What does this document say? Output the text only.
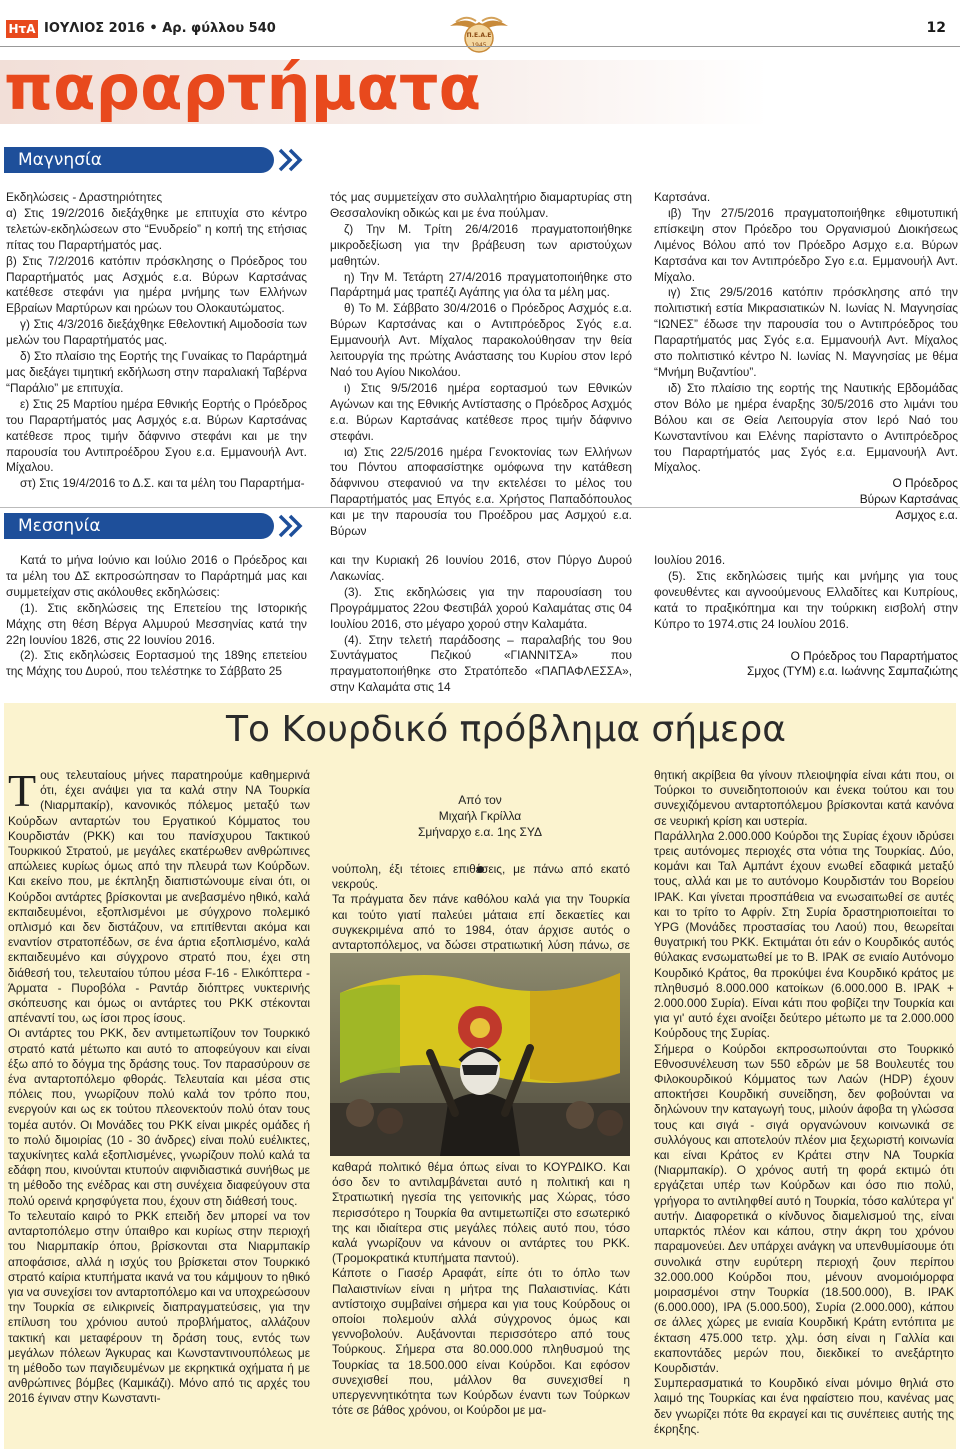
ΗτΑ ΙΟΥΛΙΟΣ 2016 • Αρ. φύλλου 540	Π.Ε.Α.Ε	12
παραρτήματα
Μαγνησία

Εκδηλώσεις - Δραστηριότητες

α) Στις 19/2/2016 διεξάχθηκε με επιτυχία στο κέντρο τελετών-εκδηλώσεων στο “Ενυδρείο” η κοπή της ετήσιας πίτας του Παραρτήματός μας.

β) Στις 7/2/2016 κατόπιν πρόσκλησης ο Πρόεδρος του Παραρτήματός μας Ασχμός ε.α. Βύρων Καρτσάνας κατέθεσε στεφάνι για ημέρα μνήμης των Ελλήνων Εβραίων Μαρτύρων και ηρώων του Ολοκαυτώματος.

γ) Στις 4/3/2016 διεξάχθηκε Εθελοντική Αιμοδοσία των μελών του Παραρτήματός μας.

δ) Στο πλαίσιο της Εορτής της Γυναίκας το Παράρτημά μας διεξάγει τιμητική εκδήλωση στην παραλιακή Ταβέρνα “Παράλιο” με επιτυχία.

ε) Στις 25 Μαρτίου ημέρα Εθνικής Εορτής ο Πρόεδρος του Παραρτήματός μας Ασμχός ε.α. Βύρων Καρτσάνας κατέθεσε προς τιμήν δάφνινο στεφάνι και με την παρουσία του Αντιπροέδρου Σγου ε.α. Εμμανουήλ Αντ. Μίχαλου.

στ) Στις 19/4/2016 το Δ.Σ. και τα μέλη του Παραρτήμα-

τός μας συμμετείχαν στο συλλαλητήριο διαμαρτυρίας στη Θεσσαλονίκη οδικώς και με ένα πούλμαν.

ζ) Την Μ. Τρίτη 26/4/2016 πραγματοποιήθηκε μικροδεξίωση για την βράβευση των αριστούχων μαθητών.

η) Την Μ. Τετάρτη 27/4/2016 πραγματοποιήθηκε στο Παράρτημά μας τραπέζι Αγάπης για όλα τα μέλη μας.

θ) Το Μ. Σάββατο 30/4/2016 ο Πρόεδρος Ασχμός ε.α. Βύρων Καρτσάνας και ο Αντιπρόεδρος Σγός ε.α. Εμμανουήλ Αντ. Μίχαλος παρακολούθησαν την θεία λειτουργία της πρώτης Ανάστασης του Κυρίου στον Ιερό Ναό του Αγίου Νικολάου.

ι) Στις 9/5/2016 ημέρα εορτασμού των Εθνικών Αγώνων και της Εθνικής Αντίστασης ο Πρόεδρος Ασχμός ε.α. Βύρων Καρτσάνας κατέθεσε προς τιμήν δάφνινο στεφάνι.

ια) Στις 22/5/2016 ημέρα Γενοκτονίας των Ελλήνων του Πόντου απoφασίστηκε ομόφωνα την κατάθεση δάφνινου στεφανιού να την εκτελέσει το μέλος του Παραρτήματός μας Επγός ε.α. Χρήστος Παπαδόπουλος και με την παρουσία του Προέδρου μας Ασμχού ε.α. Βύρων

Καρτσάνα.

ιβ) Την 27/5/2016 πραγματοποιήθηκε εθιμοτυπική επίσκεψη στον Πρόεδρο του Οργανισμού Διοικήσεως Λιμένος Βόλου από τον Πρόεδρο Ασμχο ε.α. Βύρων Καρτσάνα και τον Αντιπρόεδρο Σγο ε.α. Εμμανουήλ Αντ. Μίχαλο.

ιγ) Στις 29/5/2016 κατόπιν πρόσκλησης από την πολιτιστική εστία Μικρασιατικών Ν. Ιωνίας Ν. Μαγνησίας “ΙΩΝΕΣ” έδωσε την παρουσία του ο Αντιπρόεδρος του Παραρτήματός μας Σγός ε.α. Εμμανουήλ Αντ. Μίχαλος στο πολιτιστικό κέντρο Ν. Ιωνίας Ν. Μαγνησίας με θέμα “Μνήμη Βυζαντίου”.

ιδ) Στο πλαίσιο της εορτής της Ναυτικής Εβδομάδας στον Βόλο με ημέρα έναρξης 30/5/2016 στο λιμάνι του Βόλου και σε Θεία Λειτουργία στον Ιερό Ναό του Κωνσταντίνου και Ελένης παρίσταντο ο Αντιπρόεδρος του Παραρτήματός μας Σγός ε.α. Εμμανουήλ Αντ. Μίχαλος.

Ο Πρόεδρος

Βύρων Καρτσάνας

Ασμχος ε.α.

Μεσσηνία

Κατά το μήνα Ιούνιο και Ιούλιο 2016 ο Πρόεδρος και τα μέλη του ΔΣ εκπροσώπησαν το Παράρτημά μας και συμμετείχαν στις ακόλουθες εκδηλώσεις:

(1). Στις εκδηλώσεις της Επετείου της Ιστορικής Μάχης στη θέση Βέργα Αλμυρού Μεσσηνίας κατά την 22η Ιουνίου 1826, στις 22 Ιουνίου 2016.

(2). Στις εκδηλώσεις Εορτασμού της 189ης επετείου της Μάχης του Δυρού, που τελέστηκε το Σάββατο 25

και την Κυριακή 26 Ιουνίου 2016, στον Πύργο Δυρού Λακωνίας.

(3). Στις εκδηλώσεις για την παρουσίαση του Προγράμματος 22ου Φεστιβάλ χορού Καλαμάτας στις 04 Ιουλίου 2016, στο μέγαρο χορού στην Καλαμάτα.

(4). Στην τελετή παράδοσης – παραλαβής του 9ου Συντάγματος Πεζικού «ΓΙΑΝΝΙΤΣΑ» που πραγματοποιήθηκε στο Στρατόπεδο «ΠΑΠΑΦΛΕΣΣΑ», στην Καλαμάτα στις 14

Ιουλίου 2016.

(5). Στις εκδηλώσεις τιμής και μνήμης για τους φονευθέντες και αγνοούμενους Ελλαδίτες και Κυπρίους, κατά το πραξικόπημα και την τούρκικη εισβολή στην Κύπρο το 1974.στις 24 Ιουλίου 2016.

Ο Πρόεδρος του Παραρτήματος

Σμχος (ΤΥΜ) ε.α. Ιωάννης Σαμπαζιώτης

Το Κουρδικό πρόβλημα σήμερα

Τους τελευταίους μήνες παρατηρούμε καθημερινά ότι, έχει ανάψει για τα καλά στην ΝΑ Τουρκία (Νιαρμπακίρ), κανονικός πόλεμος μεταξύ των Κούρδων ανταρτών του Εργατικού Κόμματος του Κουρδιστάν (PKK) και του πανίσχυρου Τακτικού Τουρκικού Στρατού, με μεγάλες εκατέρωθεν ανθρώπινες απώλειες κυρίως όμως από την πλευρά των Κούρδων. Και εκείνο που, με έκπληξη διαπιστώνουμε είναι ότι, οι Κούρδοι αντάρτες βρίσκονται με ανεβασμένο ηθικό, καλά εκπαιδευμένοι, εξοπλισμένοι με σύγχρονο πολεμικό οπλισμό και δεν διστάζουν, να επιτίθενται ακόμα και εναντίον στρατοπέδων, σε ένα άρτια εξοπλισμένο, καλά εκπαιδευμένο και σύγχρονο στρατό που, έχει στη διάθεσή του, τελευταίου τύπου μέσα F-16 - Ελικόπτερα - Άρματα - Πυροβόλα - Ραντάρ διόπτρες νυκτερινής σκόπευσης και όμως οι αντάρτες του PKK στέκονται απέναντί του, ως ίσοι προς ίσους.

Οι αντάρτες του PKK, δεν αντιμετωπίζουν τον Τουρκικό στρατό κατά μέτωπο και αυτό το αποφεύγουν και είναι έξω από το δόγμα της δράσης τους. Τον παρασύρουν σε ένα ανταρτοπόλεμο φθοράς. Τελευταία και μέσα στις πόλεις που, γνωρίζουν πολύ καλά τον τρόπο που, ενεργούν και ως εκ τούτου πλεονεκτούν πολύ όταν τους τομέα αυτόν. Οι Μονάδες του PKK είναι μικρές ομάδες ή το πολύ διμοιρίας (10 - 30 άνδρες) είναι πολύ ευέλικτες, ταχυκίνητες καλά εξοπλισμένες, γνωρίζουν πολύ καλά τα εδάφη που, κινούνται κτυπούν αιφνιδιαστικά συνήθως με τη μέθοδο της ενέδρας και στη συνέχεια διαφεύγουν στα πολύ ορεινά κρησφύγετα που, έχουν στη διάθεσή τους.

Το τελευταίο καιρό το PKK επειδή δεν μπορεί να τον ανταρτοπόλεμο στην ύπαιθρο και κυρίως στην περιοχή του Νιαρμπακίρ όπου, βρίσκονται στα Νιαρμπακίρ αποφάσισε, αλλά η ισχύς του βρίσκεται στον Τουρκικό στρατό καίρια κτυπήματα ικανά να του κάμψουν το ηθικό για να συνεχίσει τον ανταρτοπόλεμο και να υποχρεώσουν την Τουρκία σε ειλικρινείς διαπραγματεύσεις, για την επίλυση του χρόνιου αυτού προβλήματος, αλλάζουν τακτική και μεταφέρουν τη δράση τους, εντός των μεγάλων πόλεων Άγκυρας και Κωνσταντινουπόλεως με τη μέθοδο των παγιδευμένων με εκρηκτικά οχήματα ή με ανθρώπινες βόμβες (Καμικάζι). Μόνο από τις αρχές του 2016 έγιναν στην Κωνσταντι-

Από τον
Μιχαήλ Γκρίλλα
Σμήναρχο ε.α. 1ης ΣΥΔ

νούπολη, έξι τέτοιες επιθέσεις, με πάνω από εκατό νεκρούς.

Τα πράγματα δεν πάνε καθόλου καλά για την Τουρκία και τούτο γιατί παλεύει μάταια επί δεκαετίες και συγκεκριμένα από το 1984, όταν άρχισε αυτός ο ανταρτοπόλεμος, να δώσει στρατιωτική λύση πάνω, σε

καθαρά πολιτικό θέμα όπως είναι το ΚΟΥΡΔΙΚΟ. Και όσο δεν το αντιλαμβάνεται αυτό η πολιτική και η Στρατιωτική ηγεσία της γειτονικής μας Χώρας, τόσο περισσότερο η Τουρκία θα αντιμετωπίζει στο εσωτερικό της και ιδιαίτερα στις μεγάλες πόλεις αυτό που, τόσο καλά γνωρίζουν να κάνουν οι αντάρτες του PKK. (Τρομοκρατικά κτυπήματα παντού).

Κάποτε ο Γιασέρ Αραφάτ, είπε ότι το όπλο των Παλαιστινίων είναι η μήτρα της Παλαιστινίας. Κάτι αντίστοιχο συμβαίνει σήμερα και για τους Κούρδους οι οποίοι πολεμούν αλλά σύγχρονος όμως και γεννοβολούν. Αυξάνονται περισσότερο από τους Τούρκους. Σήμερα στα 80.000.000 πληθυσμού της Τουρκίας τα 18.500.000 είναι Κούρδοι. Και εφόσον συνεχισθεί που, μάλλον θα συνεχισθεί η υπεργεννητικότητα των Κούρδων έναντι των Τούρκων τότε σε βάθος χρόνου, οι Κούρδοι με μα-

θητική ακρίβεια θα γίνουν πλειοψηφία είναι κάτι που, οι Τούρκοι το συνειδητοποιούν και ένεκα τούτου και του συνεχιζόμενου ανταρτοπόλεμου βρίσκονται κατά κανόνα σε νευρική κρίση και υστερία.

Παράλληλα 2.000.000 Κούρδοι της Συρίας έχουν ιδρύσει τρεις αυτόνομες περιοχές στα νότια της Τουρκίας. Δύο, κομάνι και Ταλ Αμπάντ έχουν ενωθεί εδαφικά μεταξύ τους, αλλά και με το αυτόνομο Κουρδιστάν του Βορείου ΙΡΑΚ. Και γίνεται προσπάθεια να ενωσαιτωθεί σε αυτές και το τρίτο το Αφρίν. Στη Συρία δραστηριοποιείται το YPG (Μονάδες προστασίας του Λαού) που, θεωρείται θυγατρική του PKK. Εκτιμάται ότι εάν ο Κουρδικός αυτός θύλακας ενσωματωθεί με το Β. ΙΡΑΚ σε ενιαίο Αυτόνομο Κουρδικό Κράτος, θα προκύψει ένα Κουρδικό κράτος με πληθυσμό 8.000.000 κατοίκων (6.000.000 Β. ΙΡΑΚ + 2.000.000 Συρία). Είναι κάτι που φοβίζει την Τουρκία και για γι' αυτό έχει ανοίξει δεύτερο μέτωπο με τα 2.000.000 Κούρδους της Συρίας.

Σήμερα ο Κούρδοι εκπροσωπούνται στο Τουρκικό Εθνοσυνέλευση των 550 εδρών με 58 Βουλευτές του Φιλοκουρδικού Κόμματος των Λαών (HDP) έχουν αποκτήσει Κουρδική συνείδηση, δεν φοβούνται να δηλώνουν την καταγωγή τους, μιλούν άφοβα τη γλώσσα τους και σιγά - σιγά οργανώνουν κοινωνικά σε συλλόγους και αποτελούν πλέον μια ξεχωριστή κοινωνία και είναι Κράτος εν Κράτει στην ΝΑ Τουρκία (Νιαρμπακίρ). Ο χρόνος αυτή τη φορά εκτιμώ ότι εργάζεται υπέρ των Κούρδων και όσο πιο πολύ, γρήγορα το αντιληφθεί αυτό η Τουρκία, τόσο καλύτερα γι' αυτήν. Διαφορετικά ο κίνδυνος διαμελισμού της, είναι υπαρκτός πλέον και κάπου, στην άκρη του χρόνου παραμονεύει. Δεν υπάρχει ανάγκη να υπενθυμίσουμε ότι συνολικά στην ευρύτερη περιοχή ζουν περίπου 32.000.000 Κούρδοι που, μένουν ανομοιόμορφα μοιρασμένοι στην Τουρκία (18.500.000), Β. ΙΡΑΚ (6.000.000), IPA (5.000.500), Συρία (2.000.000), κάπου σε άλλες χώρες με ενιαία Κουρδική Κράτη εντόπιτα με έκταση 475.000 τετρ. χλμ. όση είναι η Γαλλία και εκαποντάδες μερών που, διεκδικεί το ανεξάρτητο Κουρδιστάν.

Συμπερασματικά το Κουρδικό είναι μόνιμο θηλιά στο λαιμό της Τουρκίας και ένα ηφαίστειο που, κανένας μας δεν γνωρίζει πότε θα εκραγεί και τις συνέπειες αυτής της έκρηξης.
